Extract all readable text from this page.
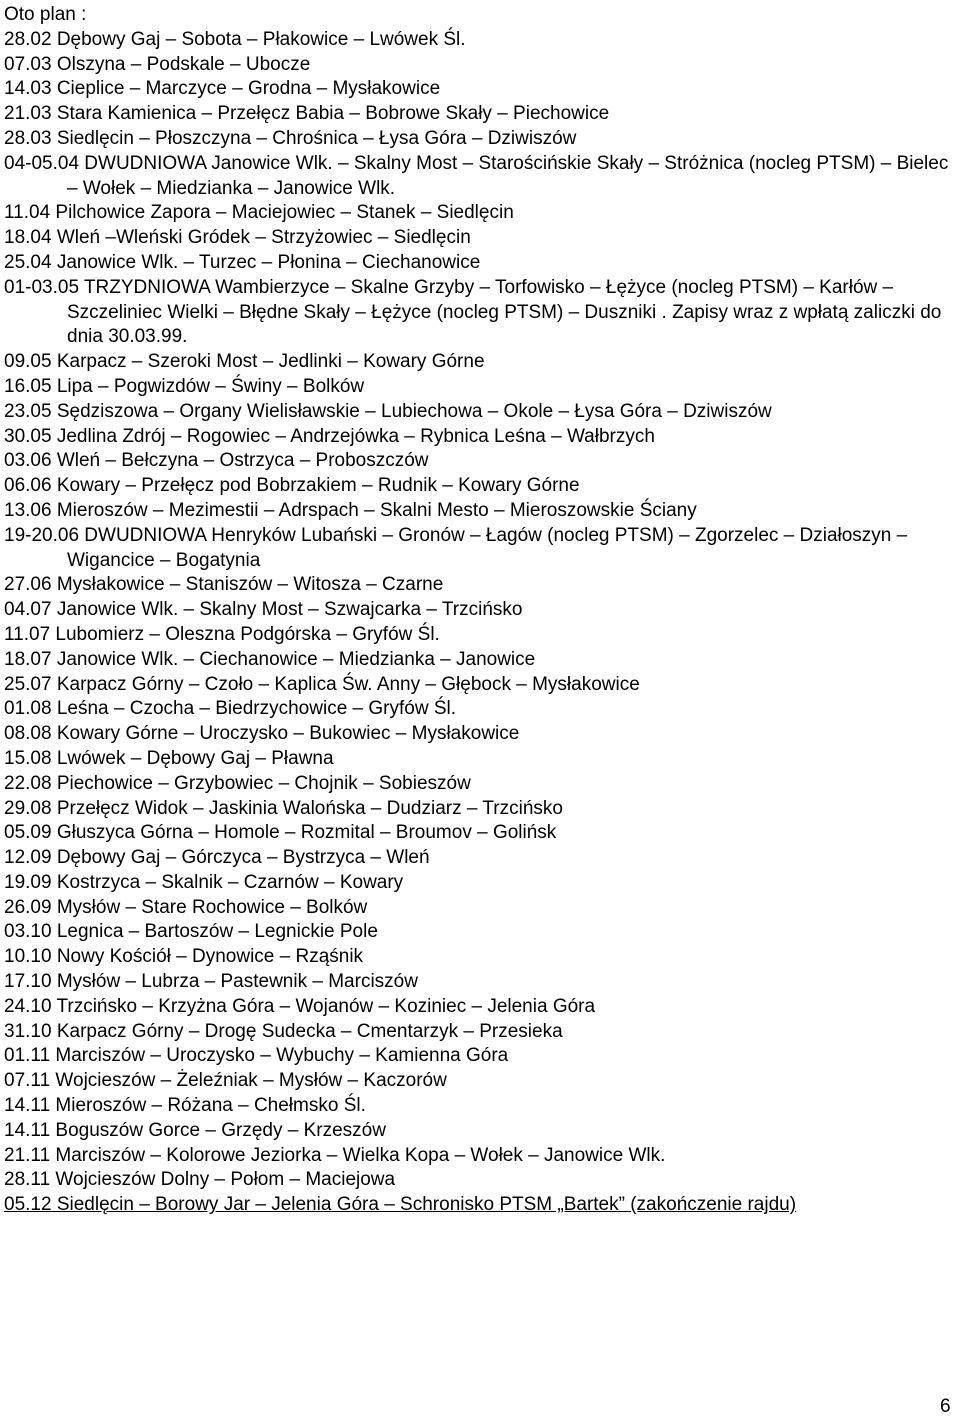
Oto plan :

28.02 Dębowy Gaj – Sobota – Płakowice – Lwówek Śl.
07.03 Olszyna – Podskale – Ubocze
14.03 Cieplice – Marczyce – Grodna – Mysłakowice
21.03 Stara Kamienica – Przełęcz Babia – Bobrowe Skały – Piechowice
28.03 Siedlęcin – Płoszczyna – Chrośnica – Łysa Góra – Dziwiszów
04-05.04 DWUDNIOWA Janowice Wlk. – Skalny Most – Starościńskie Skały – Stróżnica (nocleg PTSM) – Bielec – Wołek – Miedzianka – Janowice Wlk.
11.04 Pilchowice Zapora – Maciejowiec – Stanek – Siedlęcin
18.04 Wleń –Wleński Gródek – Strzyżowiec – Siedlęcin
25.04 Janowice Wlk. – Turzec – Płonina – Ciechanowice
01-03.05 TRZYDNIOWA Wambierzyce – Skalne Grzyby – Torfowisko – Łężyce (nocleg PTSM) – Karłów – Szczeliniec Wielki – Błędne Skały – Łężyce (nocleg PTSM) – Duszniki . Zapisy wraz z wpłatą zaliczki do dnia 30.03.99.
09.05 Karpacz – Szeroki Most – Jedlinki – Kowary Górne
16.05 Lipa – Pogwizdów – Świny – Bolków
23.05 Sędziszowa – Organy Wielisławskie – Lubiechowa – Okole – Łysa Góra – Dziwiszów
30.05 Jedlina Zdrój – Rogowiec – Andrzejówka – Rybnica Leśna – Wałbrzych
03.06 Wleń – Bełczyna – Ostrzyca – Proboszczów
06.06 Kowary – Przełęcz pod Bobrzakiem – Rudnik – Kowary Górne
13.06 Mieroszów – Mezimestii – Adrspach – Skalni Mesto – Mieroszowskie Ściany
19-20.06 DWUDNIOWA Henryków Lubański – Gronów – Łagów (nocleg PTSM) – Zgorzelec – Działoszyn – Wigancice – Bogatynia
27.06 Mysłakowice – Staniszów – Witosza – Czarne
04.07 Janowice Wlk. – Skalny Most – Szwajcarka – Trzcińsko
11.07 Lubomierz – Oleszna Podgórska – Gryfów Śl.
18.07 Janowice Wlk. – Ciechanowice – Miedzianka – Janowice
25.07 Karpacz Górny – Czoło – Kaplica Św. Anny – Głębock – Mysłakowice
01.08 Leśna – Czocha – Biedrzychowice – Gryfów Śl.
08.08 Kowary Górne – Uroczysko – Bukowiec – Mysłakowice
15.08 Lwówek – Dębowy Gaj – Pławna
22.08 Piechowice – Grzybowiec – Chojnik – Sobieszów
29.08 Przełęcz Widok – Jaskinia Walońska – Dudziarz – Trzcińsko
05.09 Głuszyca Górna – Homole – Rozmital – Broumov – Golińsk
12.09 Dębowy Gaj – Górczyca – Bystrzyca – Wleń
19.09 Kostrzyca – Skalnik – Czarnów – Kowary
26.09 Mysłów – Stare Rochowice – Bolków
03.10 Legnica – Bartoszów – Legnickie Pole
10.10 Nowy Kościół – Dynowice – Rząśnik
17.10 Mysłów – Lubrza – Pastewnik – Marciszów
24.10 Trzcińsko – Krzyżna Góra – Wojanów – Koziniec – Jelenia Góra
31.10 Karpacz Górny – Drogę Sudecka – Cmentarzyk – Przesieka
01.11 Marciszów – Uroczysko – Wybuchy – Kamienna Góra
07.11 Wojcieszów – Żeleźniak – Mysłów – Kaczorów
14.11 Mieroszów – Różana – Chełmsko Śl.
14.11 Boguszów Gorce – Grzędy – Krzeszów
21.11 Marciszów – Kolorowe Jeziorka – Wielka Kopa – Wołek – Janowice Wlk.
28.11 Wojcieszów Dolny – Połom – Maciejowa
05.12 Siedlęcin – Borowy Jar – Jelenia Góra – Schronisko PTSM „Bartek” (zakończenie rajdu)
6
